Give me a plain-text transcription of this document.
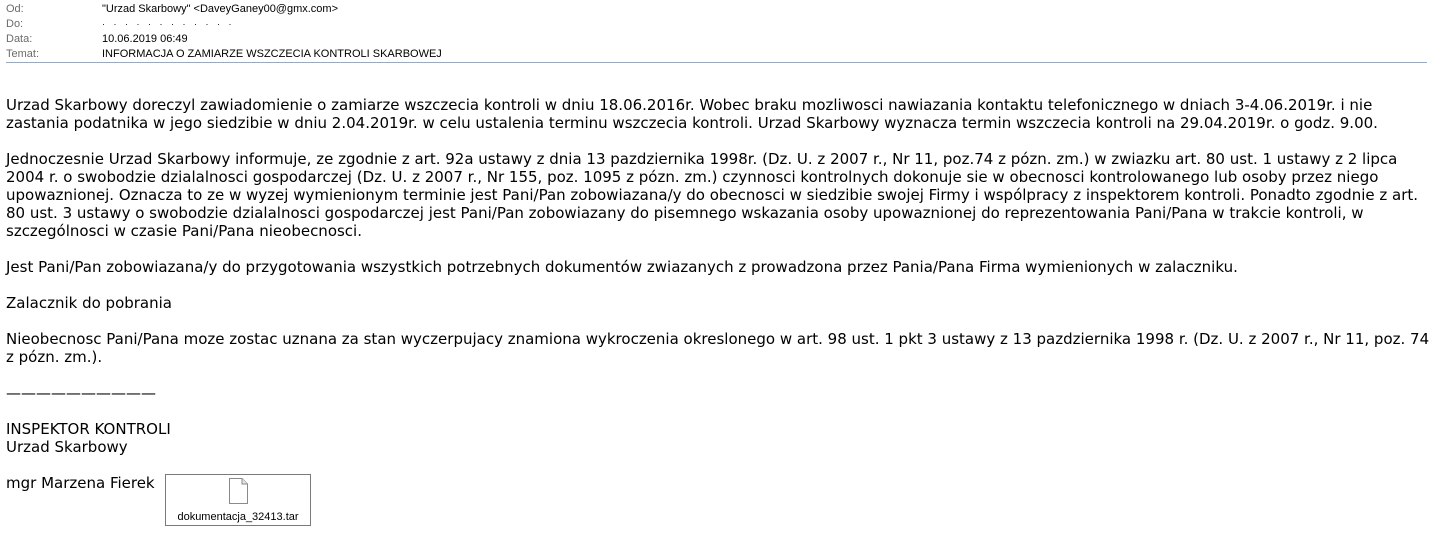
Od:	"Urzad Skarbowy" <DaveyGaney00@gmx.com>
Do:	· · · · · · · · · · · ·
Data:	10.06.2019 06:49
Temat:	INFORMACJA O ZAMIARZE WSZCZECIA KONTROLI SKARBOWEJ

Urzad Skarbowy doreczyl zawiadomienie o zamiarze wszczecia kontroli w dniu 18.06.2016r. Wobec braku mozliwosci nawiazania kontaktu telefonicznego w dniach 3-4.06.2019r. i nie zastania podatnika w jego siedzibie w dniu 2.04.2019r. w celu ustalenia terminu wszczecia kontroli. Urzad Skarbowy wyznacza termin wszczecia kontroli na 29.04.2019r. o godz. 9.00.

Jednoczesnie Urzad Skarbowy informuje, ze zgodnie z art. 92a ustawy z dnia 13 pazdziernika 1998r. (Dz. U. z 2007 r., Nr 11, poz.74 z pózn. zm.) w zwiazku art. 80 ust. 1 ustawy z 2 lipca 2004 r. o swobodzie dzialalnosci gospodarczej (Dz. U. z 2007 r., Nr 155, poz. 1095 z pózn. zm.) czynnosci kontrolnych dokonuje sie w obecnosci kontrolowanego lub osoby przez niego upowaznionej. Oznacza to ze w wyzej wymienionym terminie jest Pani/Pan zobowiazana/y do obecnosci w siedzibie swojej Firmy i wspólpracy z inspektorem kontroli. Ponadto zgodnie z art. 80 ust. 3 ustawy o swobodzie dzialalnosci gospodarczej jest Pani/Pan zobowiazany do pisemnego wskazania osoby upowaznionej do reprezentowania Pani/Pana w trakcie kontroli, w szczególnosci w czasie Pani/Pana nieobecnosci.

Jest Pani/Pan zobowiazana/y do przygotowania wszystkich potrzebnych dokumentów zwiazanych z prowadzona przez Pania/Pana Firma wymienionych w zalaczniku.

Zalacznik do pobrania

Nieobecnosc Pani/Pana moze zostac uznana za stan wyczerpujacy znamiona wykroczenia okreslonego w art. 98 ust. 1 pkt 3 ustawy z 13 pazdziernika 1998 r. (Dz. U. z 2007 r., Nr 11, poz. 74 z pózn. zm.).

——————————

INSPEKTOR KONTROLI

Urzad Skarbowy

mgr Marzena Fierek

dokumentacja_32413.tar
